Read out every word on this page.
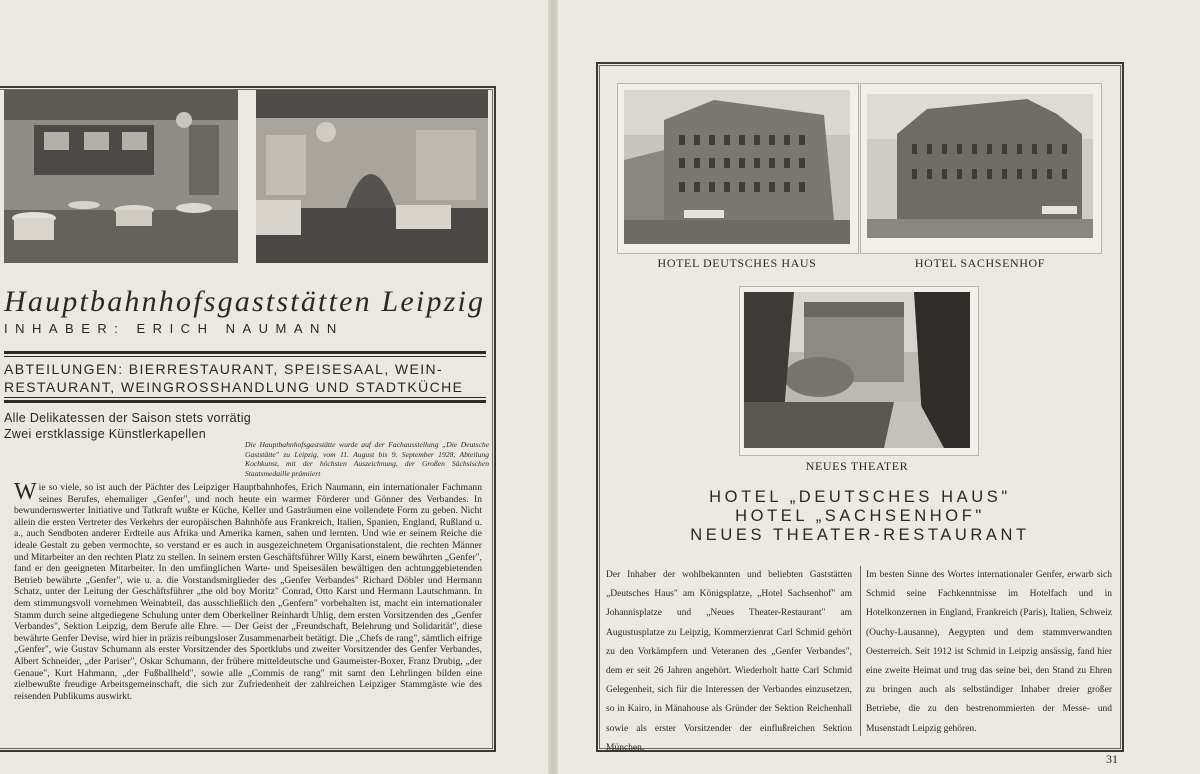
Hauptbahnhofsgaststätten Leipzig
INHABER: ERICH NAUMANN
ABTEILUNGEN: BIERRESTAURANT, SPEISESAAL, WEIN-RESTAURANT, WEINGROSSHANDLUNG UND STADTKÜCHE
Alle Delikatessen der Saison stets vorrätig
Zwei erstklassige Künstlerkapellen
Die Hauptbahnhofsgaststätte wurde auf der Fachausstellung „Die Deutsche Gaststätte" zu Leipzig, vom 11. August bis 9. September 1928, Abteilung Kochkunst, mit der höchsten Auszeichnung, der Großen Sächsischen Staatsmedaille prämiiert
Wie so viele, so ist auch der Pächter des Leipziger Hauptbahnhofes, Erich Naumann, ein internationaler Fachmann seines Berufes, ehemaliger „Genfer", und noch heute ein warmer Förderer und Gönner des Verbandes. In bewundernswerter Initiative und Tatkraft wußte er Küche, Keller und Gasträumen eine vollendete Form zu geben. Nicht allein die ersten Vertreter des Verkehrs der europäischen Bahnhöfe aus Frankreich, Italien, Spanien, England, Rußland u. a., auch Sendboten anderer Erdteile aus Afrika und Amerika kamen, sahen und lernten. Und wie er seinem Reiche die ideale Gestalt zu geben vermochte, so verstand er es auch in ausgezeichnetem Organisationstalent, die rechten Männer und Mitarbeiter an den rechten Platz zu stellen. In seinem ersten Geschäftsführer Willy Karst, einem bewährten „Genfer", fand er den geeigneten Mitarbeiter. In den umfänglichen Warte- und Speisesälen bewältigen den achtunggebietenden Betrieb bewährte „Genfer", wie u. a. die Vorstandsmitglieder des „Genfer Verbandes" Richard Döbler und Hermann Schatz, unter der Leitung der Geschäftsführer „the old boy Moritz" Conrad, Otto Karst und Hermann Lautschmann. In dem stimmungsvoll vornehmen Weinabteil, das ausschließlich den „Genfern" vorbehalten ist, macht ein internationaler Stamm durch seine altgediegene Schulung unter dem Oberkellner Reinhardt Uhlig, dem ersten Vorsitzenden des „Genfer Verbandes", Sektion Leipzig, dem Berufe alle Ehre. — Der Geist der „Freundschaft, Belehrung und Solidarität", diese bewährte Genfer Devise, wird hier in präzis reibungsloser Zusammenarbeit betätigt. Die „Chefs de rang", sämtlich eifrige „Genfer", wie Gustav Schumann als erster Vorsitzender des Sportklubs und zweiter Vorsitzender des Genfer Verbandes, Albert Schneider, „der Pariser", Oskar Schumann, der frühere mitteldeutsche und Gaumeister-Boxer, Franz Drubig, „der Genaue", Kurt Hahmann, „der Fußballheld", sowie alle „Commis de rang" mit samt den Lehrlingen bilden eine zielbewußte freudige Arbeitsgemeinschaft, die sich zur Zufriedenheit der zahlreichen Leipziger Stammgäste wie des reisenden Publikums auswirkt.
HOTEL DEUTSCHES HAUS	HOTEL SACHSENHOF
NEUES THEATER
HOTEL „DEUTSCHES HAUS"
HOTEL „SACHSENHOF"
NEUES THEATER-RESTAURANT
Der Inhaber der wohlbekannten und beliebten Gaststätten „Deutsches Haus" am Königsplatze, „Hotel Sachsenhof" am Johannisplatze und „Neues Theater-Restaurant" am Augustusplatze zu Leipzig, Kommerzienrat Carl Schmid gehört zu den Vorkämpfern und Veteranen des „Genfer Verbandes", dem er seit 26 Jahren angehört. Wiederholt hatte Carl Schmid Gelegenheit, sich für die Interessen der Verbandes einzusetzen, so in Kairo, in Mänahouse als Gründer der Sektion Reichenhall sowie als erster Vorsitzender der einflußreichen Sektion München.
Im besten Sinne des Wortes internationaler Genfer, erwarb sich Schmid seine Fachkenntnisse im Hotelfach und in Hotelkonzernen in England, Frankreich (Paris), Italien, Schweiz (Ouchy-Lausanne), Aegypten und dem stammverwandten Oesterreich. Seit 1912 ist Schmid in Leipzig ansässig, fand hier eine zweite Heimat und trug das seine bei, den Stand zu Ehren zu bringen auch als selbständiger Inhaber dreier großer Betriebe, die zu den bestrenommierten der Messe- und Musenstadt Leipzig gehören.
31
